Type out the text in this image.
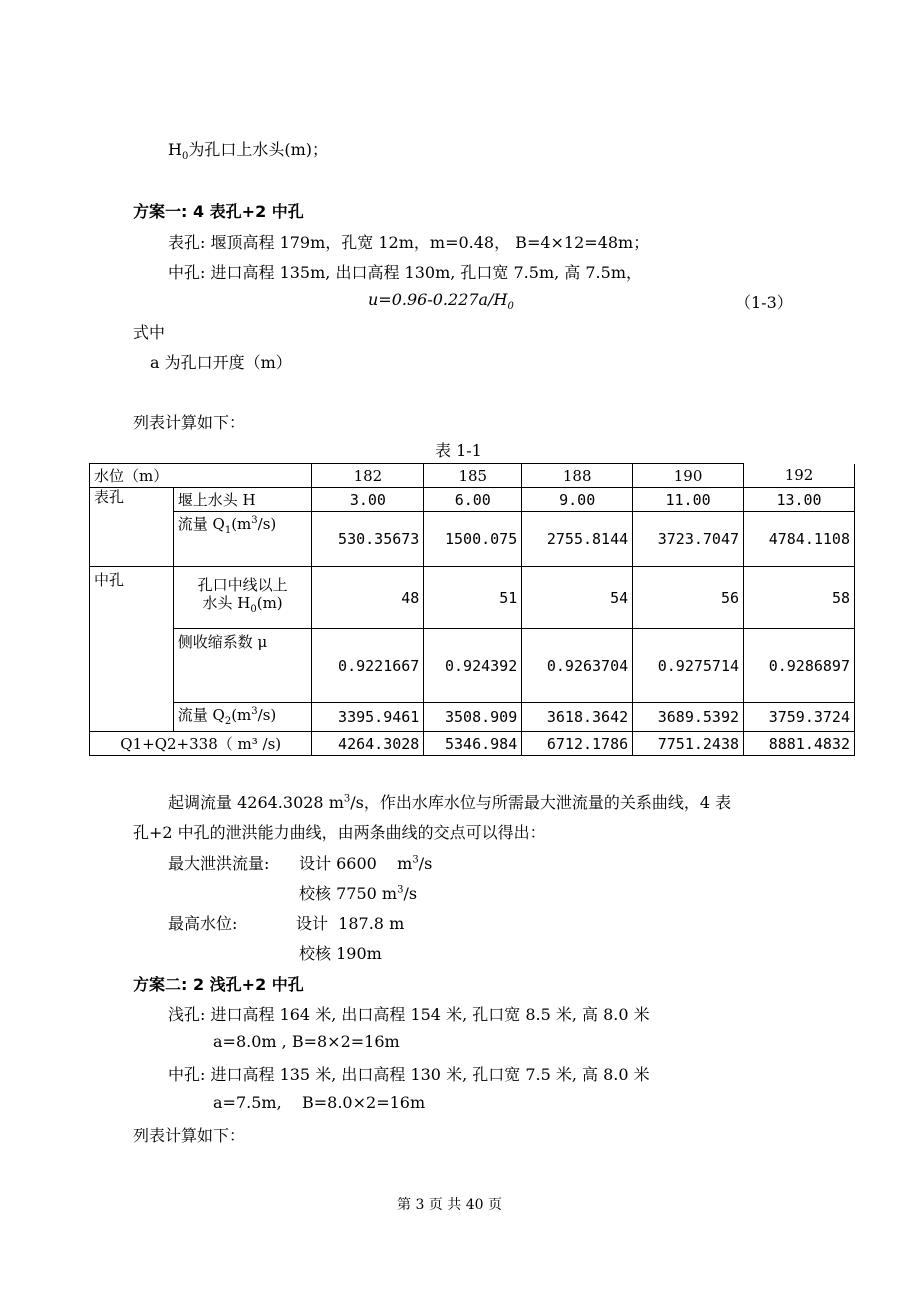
$H_0$为孔口上水头(m)；
方案一: 4 表孔+2 中孔
表孔: 堰顶高程 179m，孔宽 12m，m=0.48， B=4×12=48m；
中孔: 进口高程 135m, 出口高程 130m, 孔口宽 7.5m, 高 7.5m，
$u=0.96-0.227a/H_0$	（1-3）
式中
a 为孔口开度（m）
列表计算如下：
表 1-1
水位（m）		182	185	188	190	192
表孔	堰上水头 H	3.00	6.00	9.00	11.00	13.00
	流量 $Q_1(m^3/s)$	530.35673	1500.075	2755.8144	3723.7047	4784.1108
中孔	孔口中线以上
水头 $H_0(m)$	48	51	54	56	58
	侧收缩系数 μ	0.9221667	0.924392	0.9263704	0.9275714	0.9286897
	流量 $Q_2(m^3/s)$	3395.9461	3508.909	3618.3642	3689.5392	3759.3724
Q1+Q2+338（ m³ /s)		4264.3028	5346.984	6712.1786	7751.2438	8881.4832
起调流量 4264.3028 $m^3/s$，作出水库水位与所需最大泄流量的关系曲线，4 表
孔+2 中孔的泄洪能力曲线，由两条曲线的交点可以得出：
最大泄洪流量: 设计 6600    $m^3/s$
校核 7750 $m^3/s$
最高水位:	设计  187.8 m
校核 190m
方案二: 2 浅孔+2 中孔
浅孔: 进口高程 164 米, 出口高程 154 米, 孔口宽 8.5 米, 高 8.0 米
a=8.0m , B=8×2=16m
中孔: 进口高程 135 米, 出口高程 130 米, 孔口宽 7.5 米, 高 8.0 米
a=7.5m,    B=8.0×2=16m
列表计算如下：
第 3 页 共 40 页
